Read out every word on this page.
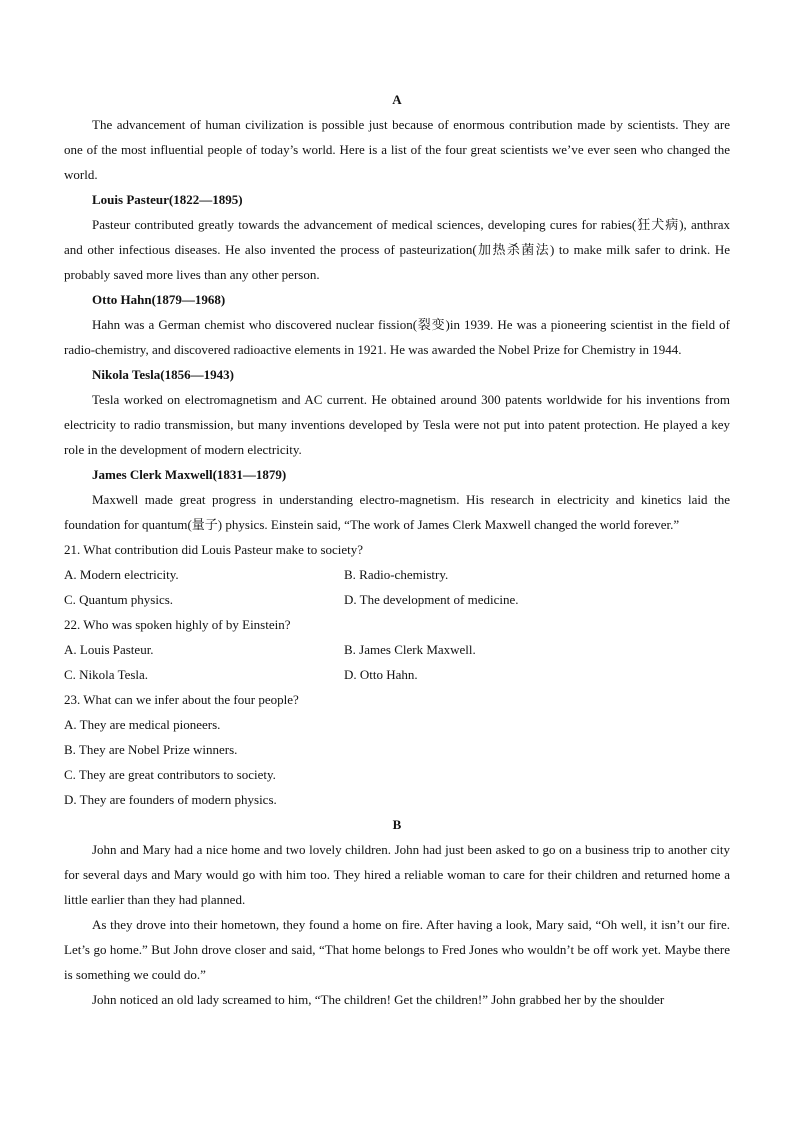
A
The advancement of human civilization is possible just because of enormous contribution made by scientists. They are one of the most influential people of today’s world. Here is a list of the four great scientists we’ve ever seen who changed the world.
Louis Pasteur(1822—1895)
Pasteur contributed greatly towards the advancement of medical sciences, developing cures for rabies(狂犬病), anthrax and other infectious diseases. He also invented the process of pasteurization(加热杀菌法) to make milk safer to drink. He probably saved more lives than any other person.
Otto Hahn(1879—1968)
Hahn was a German chemist who discovered nuclear fission(裂变)in 1939. He was a pioneering scientist in the field of radio-chemistry, and discovered radioactive elements in 1921. He was awarded the Nobel Prize for Chemistry in 1944.
Nikola Tesla(1856—1943)
Tesla worked on electromagnetism and AC current. He obtained around 300 patents worldwide for his inventions from electricity to radio transmission, but many inventions developed by Tesla were not put into patent protection. He played a key role in the development of modern electricity.
James Clerk Maxwell(1831—1879)
Maxwell made great progress in understanding electro-magnetism. His research in electricity and kinetics laid the foundation for quantum(量子) physics. Einstein said, “The work of James Clerk Maxwell changed the world forever.”
21. What contribution did Louis Pasteur make to society?
A. Modern electricity.	B. Radio-chemistry.
C. Quantum physics.	D. The development of medicine.
22. Who was spoken highly of by Einstein?
A. Louis Pasteur.	B. James Clerk Maxwell.
C. Nikola Tesla.	D. Otto Hahn.
23. What can we infer about the four people?
A. They are medical pioneers.
B. They are Nobel Prize winners.
C. They are great contributors to society.
D. They are founders of modern physics.
B
John and Mary had a nice home and two lovely children. John had just been asked to go on a business trip to another city for several days and Mary would go with him too. They hired a reliable woman to care for their children and returned home a little earlier than they had planned.
As they drove into their hometown, they found a home on fire. After having a look, Mary said, “Oh well, it isn’t our fire. Let’s go home.” But John drove closer and said, “That home belongs to Fred Jones who wouldn’t be off work yet. Maybe there is something we could do.”
John noticed an old lady screamed to him, “The children! Get the children!” John grabbed her by the shoulder
